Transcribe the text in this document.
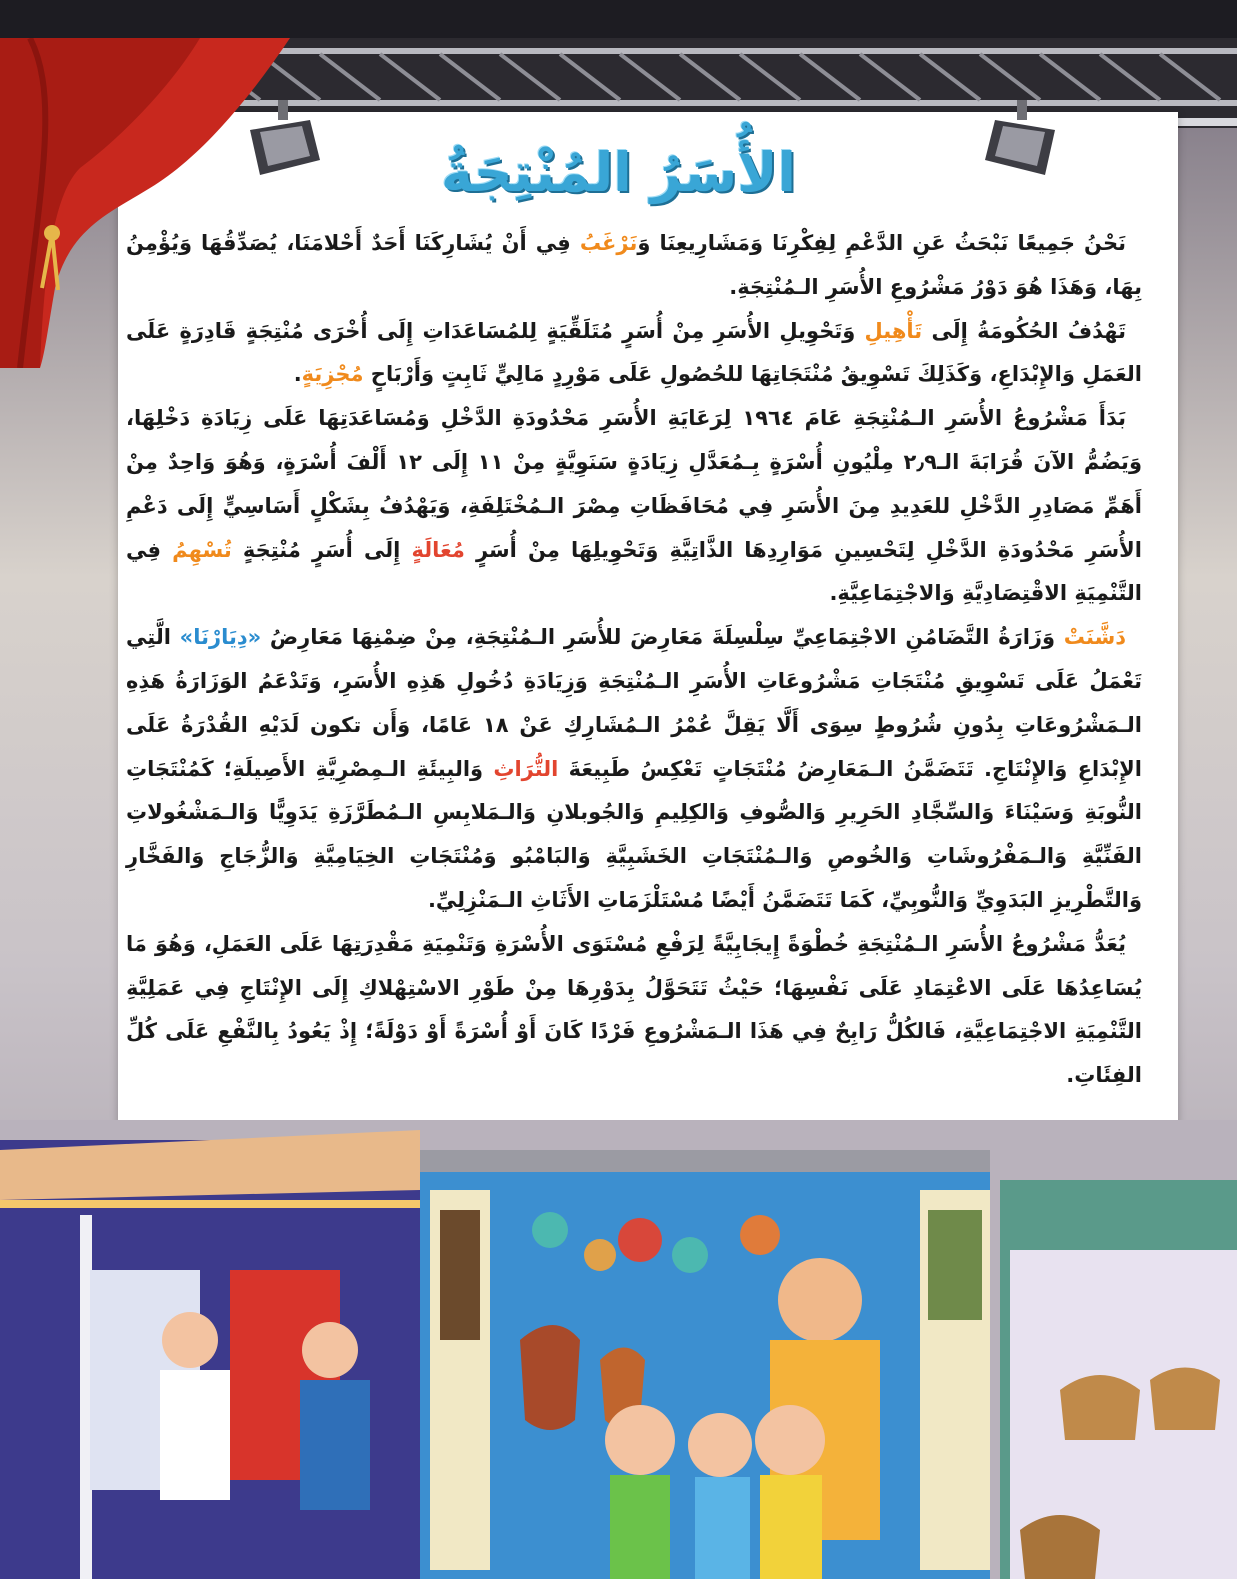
الأُسَرُ المُنْتِجَةُ

نَحْنُ جَمِيعًا نَبْحَثُ عَنِ الدَّعْمِ لِفِكْرِنَا وَمَشَارِيعِنَا وَنَرْغَبُ فِي أَنْ يُشَارِكَنَا أَحَدٌ أَحْلامَنَا، يُصَدِّقُهَا وَيُؤْمِنُ بِهَا، وَهَذَا هُوَ دَوْرُ مَشْرُوعِ الأُسَرِ الـمُنْتِجَةِ.

تَهْدُفُ الحُكُومَةُ إِلَى تَأْهِيلِ وَتَحْوِيلِ الأُسَرِ مِنْ أُسَرٍ مُتَلَقِّيَةٍ لِلمُسَاعَدَاتِ إِلَى أُخْرَى مُنْتِجَةٍ قَادِرَةٍ عَلَى العَمَلِ وَالإِبْدَاعِ، وَكَذَلِكَ تَسْوِيقُ مُنْتَجَاتِهَا للحُصُولِ عَلَى مَوْرِدٍ مَالِيٍّ ثَابِتٍ وَأَرْبَاحٍ مُجْزِيَةٍ.

بَدَأَ مَشْرُوعُ الأُسَرِ الـمُنْتِجَةِ عَامَ ١٩٦٤ لِرَعَايَةِ الأُسَرِ مَحْدُودَةِ الدَّخْلِ وَمُسَاعَدَتِهَا عَلَى زِيَادَةِ دَخْلِهَا، وَيَضُمُّ الآنَ قُرَابَةَ الـ٢٫٩ مِلْيُونِ أُسْرَةٍ بِـمُعَدَّلِ زِيَادَةٍ سَنَوِيَّةٍ مِنْ ١١ إِلَى ١٢ أَلْفَ أُسْرَةٍ، وَهُوَ وَاحِدٌ مِنْ أَهَمِّ مَصَادِرِ الدَّخْلِ للعَدِيدِ مِنَ الأُسَرِ فِي مُحَافَظَاتِ مِصْرَ الـمُخْتَلِفَةِ، وَيَهْدُفُ بِشَكْلٍ أَسَاسِيٍّ إِلَى دَعْمِ الأُسَرِ مَحْدُودَةِ الدَّخْلِ لِتَحْسِينِ مَوَارِدِهَا الذَّاتِيَّةِ وَتَحْوِيلِهَا مِنْ أُسَرٍ مُعَالَةٍ إِلَى أُسَرٍ مُنْتِجَةٍ تُسْهِمُ فِي التَّنْمِيَةِ الاقْتِصَادِيَّةِ وَالاجْتِمَاعِيَّةِ.

دَشَّنَتْ وَزَارَةُ التَّضَامُنِ الاجْتِمَاعِيِّ سِلْسِلَةَ مَعَارِضَ للأُسَرِ الـمُنْتِجَةِ، مِنْ ضِمْنِهَا مَعَارِضُ «دِيَارْنَا» الَّتِي تَعْمَلُ عَلَى تَسْوِيقِ مُنْتَجَاتِ مَشْرُوعَاتِ الأُسَرِ الـمُنْتِجَةِ وَزِيَادَةِ دُخُولِ هَذِهِ الأُسَرِ، وَتَدْعَمُ الوَزَارَةُ هَذِهِ الـمَشْرُوعَاتِ بِدُونِ شُرُوطٍ سِوَى أَلَّا يَقِلَّ عُمْرُ الـمُشَارِكِ عَنْ ١٨ عَامًا، وَأَن تكون لَدَيْهِ القُدْرَةُ عَلَى الإِبْدَاعِ وَالإِنْتَاجِ. تَتَضَمَّنُ الـمَعَارِضُ مُنْتَجَاتٍ تَعْكِسُ طَبِيعَةَ التُّرَاثِ وَالبِيئَةِ الـمِصْرِيَّةِ الأَصِيلَةِ؛ كَمُنْتَجَاتِ النُّوبَةِ وَسَيْنَاءَ وَالسِّجَّادِ الحَرِيرِ وَالصُّوفِ وَالكِلِيمِ وَالجُوبلانِ وَالـمَلابِسِ الـمُطَرَّزَةِ يَدَوِيًّا وَالـمَشْغُولاتِ الفَنِّيَّةِ وَالـمَفْرُوشَاتِ وَالخُوصِ وَالـمُنْتَجَاتِ الخَشَبِيَّةِ وَالبَامْبُو وَمُنْتَجَاتِ الخِيَامِيَّةِ وَالزُّجَاجِ وَالفَخَّارِ وَالتَّطْرِيزِ البَدَوِيِّ وَالنُّوبِيِّ، كَمَا تَتَضَمَّنُ أَيْضًا مُسْتَلْزَمَاتِ الأَثَاثِ الـمَنْزِلِيِّ.

يُعَدُّ مَشْرُوعُ الأُسَرِ الـمُنْتِجَةِ خُطْوَةً إِيجَابِيَّةً لِرَفْعِ مُسْتَوَى الأُسْرَةِ وَتَنْمِيَةِ مَقْدِرَتِهَا عَلَى العَمَلِ، وَهُوَ مَا يُسَاعِدُهَا عَلَى الاعْتِمَادِ عَلَى نَفْسِهَا؛ حَيْثُ تَتَحَوَّلُ بِدَوْرِهَا مِنْ طَوْرِ الاسْتِهْلاكِ إِلَى الإِنْتَاجِ فِي عَمَلِيَّةِ التَّنْمِيَةِ الاجْتِمَاعِيَّةِ، فَالكُلُّ رَابِحٌ فِي هَذَا الـمَشْرُوعِ فَرْدًا كَانَ أَوْ أُسْرَةً أَوْ دَوْلَةً؛ إِذْ يَعُودُ بِالنَّفْعِ عَلَى كُلِّ الفِئَاتِ.
